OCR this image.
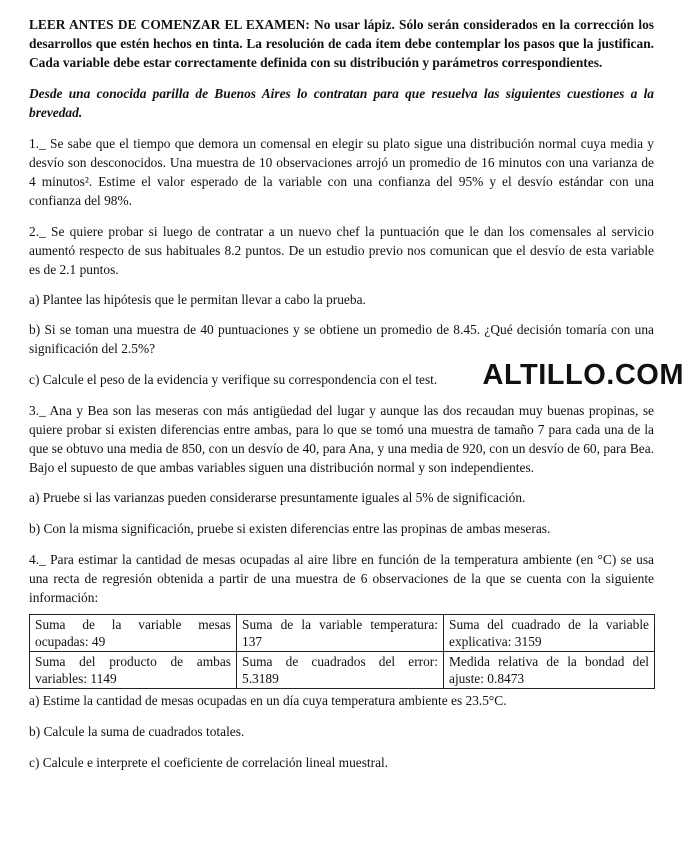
LEER ANTES DE COMENZAR EL EXAMEN: No usar lápiz. Sólo serán considerados en la corrección los desarrollos que estén hechos en tinta. La resolución de cada ítem debe contemplar los pasos que la justifican. Cada variable debe estar correctamente definida con su distribución y parámetros correspondientes.

Desde una conocida parilla de Buenos Aires lo contratan para que resuelva las siguientes cuestiones a la brevedad.

1._ Se sabe que el tiempo que demora un comensal en elegir su plato sigue una distribución normal cuya media y desvío son desconocidos. Una muestra de 10 observaciones arrojó un promedio de 16 minutos con una varianza de 4 minutos². Estime el valor esperado de la variable con una confianza del 95% y el desvío estándar con una confianza del 98%.

2._ Se quiere probar si luego de contratar a un nuevo chef la puntuación que le dan los comensales al servicio aumentó respecto de sus habituales 8.2 puntos. De un estudio previo nos comunican que el desvío de esta variable es de 2.1 puntos.

a) Plantee las hipótesis que le permitan llevar a cabo la prueba.

b) Si se toman una muestra de 40 puntuaciones y se obtiene un promedio de 8.45. ¿Qué decisión tomaría con una significación del 2.5%?

c) Calcule el peso de la evidencia y verifique su correspondencia con el test. ALTILLO.COM

3._ Ana y Bea son las meseras con más antigüedad del lugar y aunque las dos recaudan muy buenas propinas, se quiere probar si existen diferencias entre ambas, para lo que se tomó una muestra de tamaño 7 para cada una de la que se obtuvo una media de 850, con un desvío de 40, para Ana, y una media de 920, con un desvío de 60, para Bea. Bajo el supuesto de que ambas variables siguen una distribución normal y son independientes.

a) Pruebe si las varianzas pueden considerarse presuntamente iguales al 5% de significación.

b) Con la misma significación, pruebe si existen diferencias entre las propinas de ambas meseras.

4._ Para estimar la cantidad de mesas ocupadas al aire libre en función de la temperatura ambiente (en °C) se usa una recta de regresión obtenida a partir de una muestra de 6 observaciones de la que se cuenta con la siguiente información:

Suma de la variable mesas ocupadas: 49	Suma de la variable temperatura: 137	Suma del cuadrado de la variable explicativa: 3159
Suma del producto de ambas variables: 1149	Suma de cuadrados del error: 5.3189	Medida relativa de la bondad del ajuste: 0.8473

a) Estime la cantidad de mesas ocupadas en un día cuya temperatura ambiente es 23.5°C.

b) Calcule la suma de cuadrados totales.

c) Calcule e interprete el coeficiente de correlación lineal muestral.
